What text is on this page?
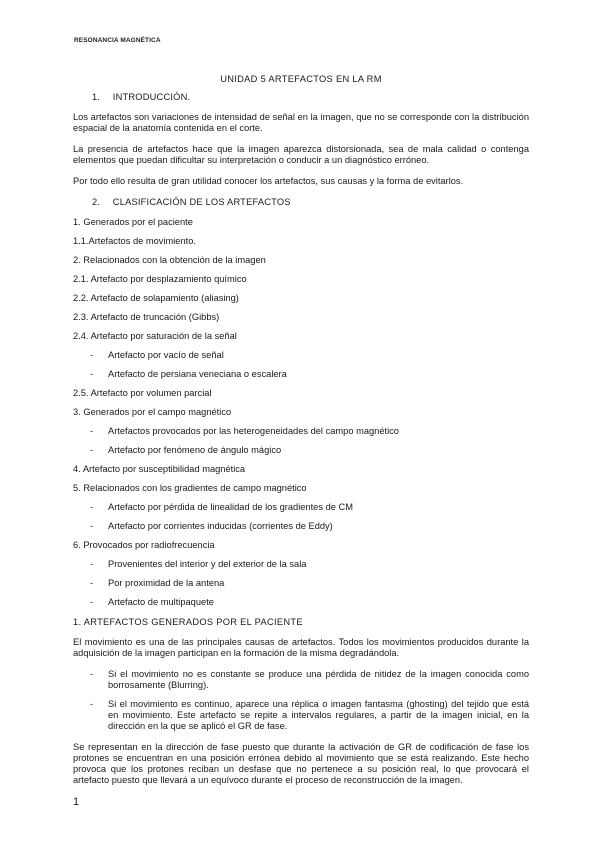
RESONANCIA MAGNÉTICA
UNIDAD 5 ARTEFACTOS EN LA RM
1. INTRODUCCIÓN.

Los artefactos son variaciones de intensidad de señal en la imagen, que no se corresponde con la distribución espacial de la anatomía contenida en el corte.

La presencia de artefactos hace que la imagen aparezca distorsionada, sea de mala calidad o contenga elementos que puedan dificultar su interpretación o conducir a un diagnóstico erróneo.

Por todo ello resulta de gran utilidad conocer los artefactos, sus causas y la forma de evitarlos.

2. CLASIFICACIÓN DE LOS ARTEFACTOS
1. Generados por el paciente
1.1.Artefactos de movimiento.
2. Relacionados con la obtención de la imagen
2.1. Artefacto por desplazamiento químico
2.2. Artefacto de solapamiento (aliasing)
2.3. Artefacto de truncación (Gibbs)
2.4. Artefacto por saturación de la señal
- Artefacto por vacío de señal
- Artefacto de persiana veneciana o escalera
2.5. Artefacto por volumen parcial
3. Generados por el campo magnético
- Artefactos provocados por las heterogeneidades del campo magnético
- Artefacto por fenómeno de ángulo mágico
4. Artefacto por susceptibilidad magnética
5. Relacionados con los gradientes de campo magnético
- Artefacto por pérdida de linealidad de los gradientes de CM
- Artefacto por corrientes inducidas (corrientes de Eddy)
6. Provocados por radiofrecuencia
- Provenientes del interior y del exterior de la sala
- Por proximidad de la antena
- Artefacto de multipaquete
1. ARTEFACTOS GENERADOS POR EL PACIENTE

El movimiento es una de las principales causas de artefactos. Todos los movimientos producidos durante la adquisición de la imagen participan en la formación de la misma degradándola.

- Si el movimiento no es constante se produce una pérdida de nitidez de la imagen conocida como borrosamente (Blurring).
- Si el movimiento es continuo, aparece una réplica o imagen fantasma (ghosting) del tejido que está en movimiento. Este artefacto se repite a intervalos regulares, a partir de la imagen inicial, en la dirección en la que se aplicó el GR de fase.

Se representan en la dirección de fase puesto que durante la activación de GR de codificación de fase los protones se encuentran en una posición errónea debido al movimiento que se está realizando. Este hecho provoca que los protones reciban un desfase que no pertenece a su posición real, lo que provocará el artefacto puesto que llevará a un equívoco durante el proceso de reconstrucción de la imagen.

1
